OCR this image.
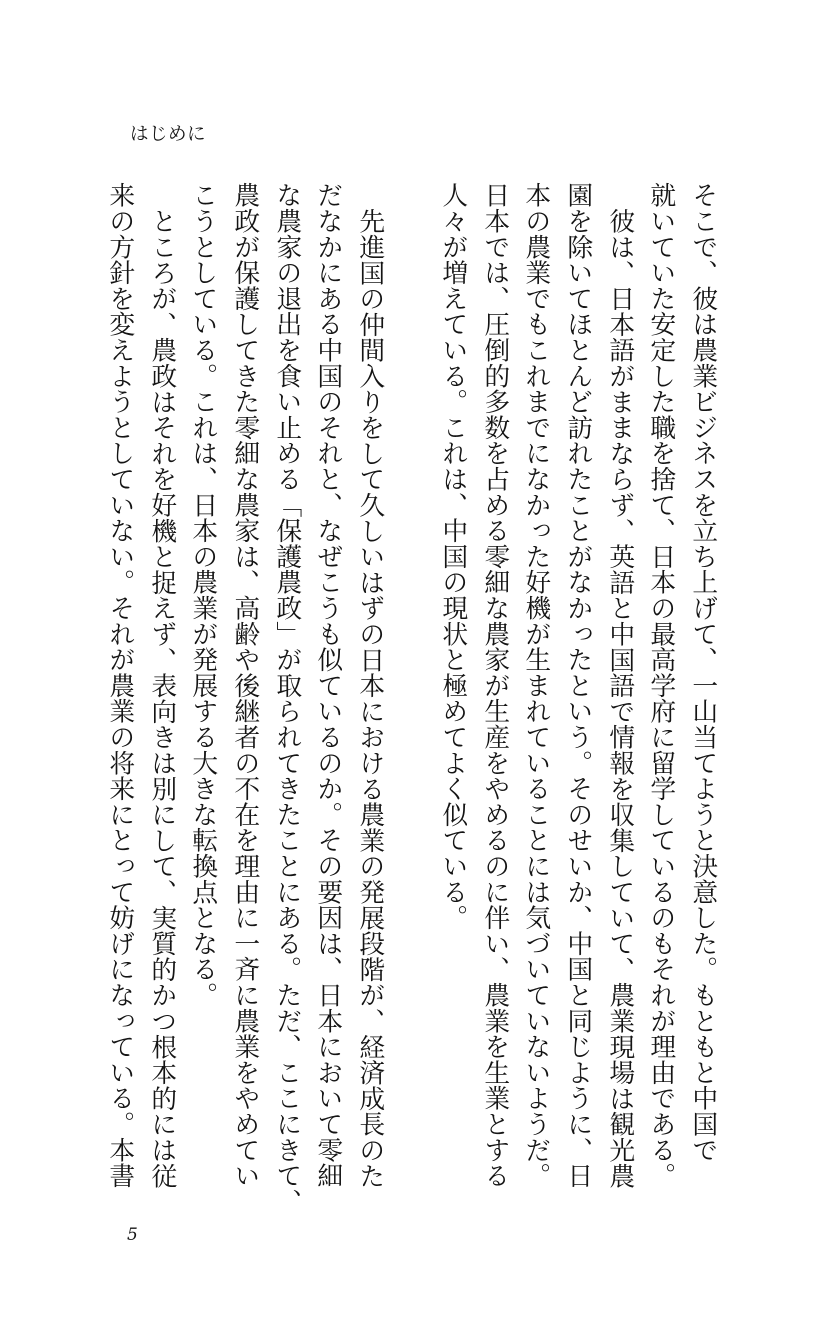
はじめに
そこで、彼は農業ビジネスを立ち上げて、一山当てようと決意した。もともと中国で
就いていた安定した職を捨て、日本の最高学府に留学しているのもそれが理由である。
彼は、日本語がままならず、英語と中国語で情報を収集していて、農業現場は観光農
園を除いてほとんど訪れたことがなかったという。そのせいか、中国と同じように、日
本の農業でもこれまでになかった好機が生まれていることには気づいていないようだ。
日本では、圧倒的多数を占める零細な農家が生産をやめるのに伴い、農業を生業とする
人々が増えている。これは、中国の現状と極めてよく似ている。
先進国の仲間入りをして久しいはずの日本における農業の発展段階が、経済成長のた
だなかにある中国のそれと、なぜこうも似ているのか。その要因は、日本において零細
な農家の退出を食い止める「保護農政」が取られてきたことにある。ただ、ここにきて、
農政が保護してきた零細な農家は、高齢や後継者の不在を理由に一斉に農業をやめてい
こうとしている。これは、日本の農業が発展する大きな転換点となる。
ところが、農政はそれを好機と捉えず、表向きは別にして、実質的かつ根本的には従
来の方針を変えようとしていない。それが農業の将来にとって妨げになっている。本書
5
